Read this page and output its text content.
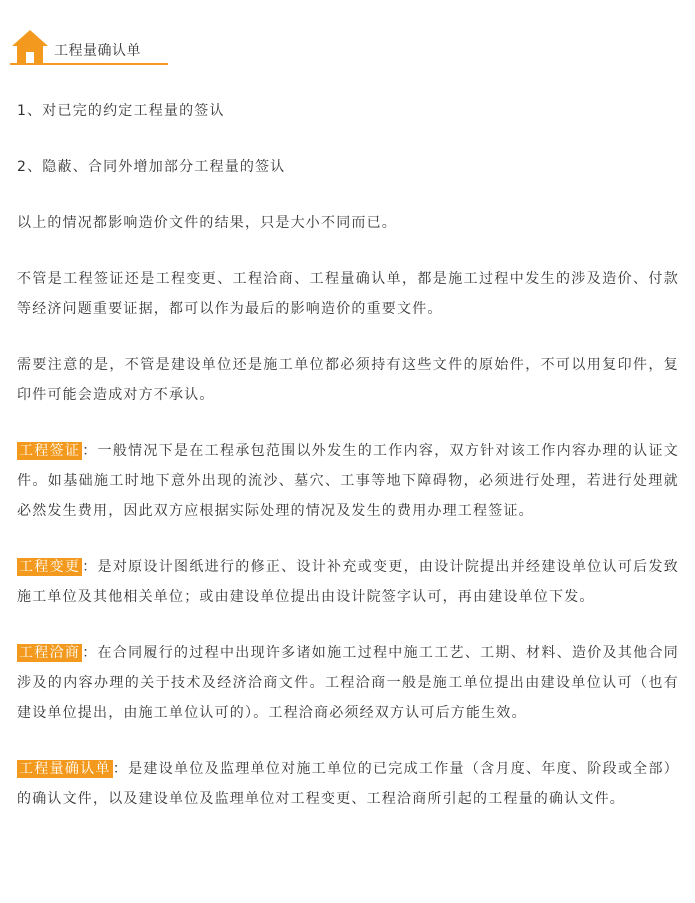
工程量确认单

1、对已完的约定工程量的签认

2、隐蔽、合同外增加部分工程量的签认

以上的情况都影响造价文件的结果，只是大小不同而已。

不管是工程签证还是工程变更、工程洽商、工程量确认单，都是施工过程中发生的涉及造价、付款等经济问题重要证据，都可以作为最后的影响造价的重要文件。

需要注意的是，不管是建设单位还是施工单位都必须持有这些文件的原始件，不可以用复印件，复印件可能会造成对方不承认。

工程签证 ：一般情况下是在工程承包范围以外发生的工作内容，双方针对该工作内容办理的认证文件。如基础施工时地下意外出现的流沙、墓穴、工事等地下障碍物，必须进行处理，若进行处理就必然发生费用，因此双方应根据实际处理的情况及发生的费用办理工程签证。

工程变更 ：是对原设计图纸进行的修正、设计补充或变更，由设计院提出并经建设单位认可后发致施工单位及其他相关单位；或由建设单位提出由设计院签字认可，再由建设单位下发。

工程洽商 ：在合同履行的过程中出现许多诸如施工过程中施工工艺、工期、材料、造价及其他合同涉及的内容办理的关于技术及经济洽商文件。工程洽商一般是施工单位提出由建设单位认可（也有建设单位提出，由施工单位认可的）。工程洽商必须经双方认可后方能生效。

工程量确认单 ：是建设单位及监理单位对施工单位的已完成工作量（含月度、年度、阶段或全部）的确认文件，以及建设单位及监理单位对工程变更、工程洽商所引起的工程量的确认文件。
